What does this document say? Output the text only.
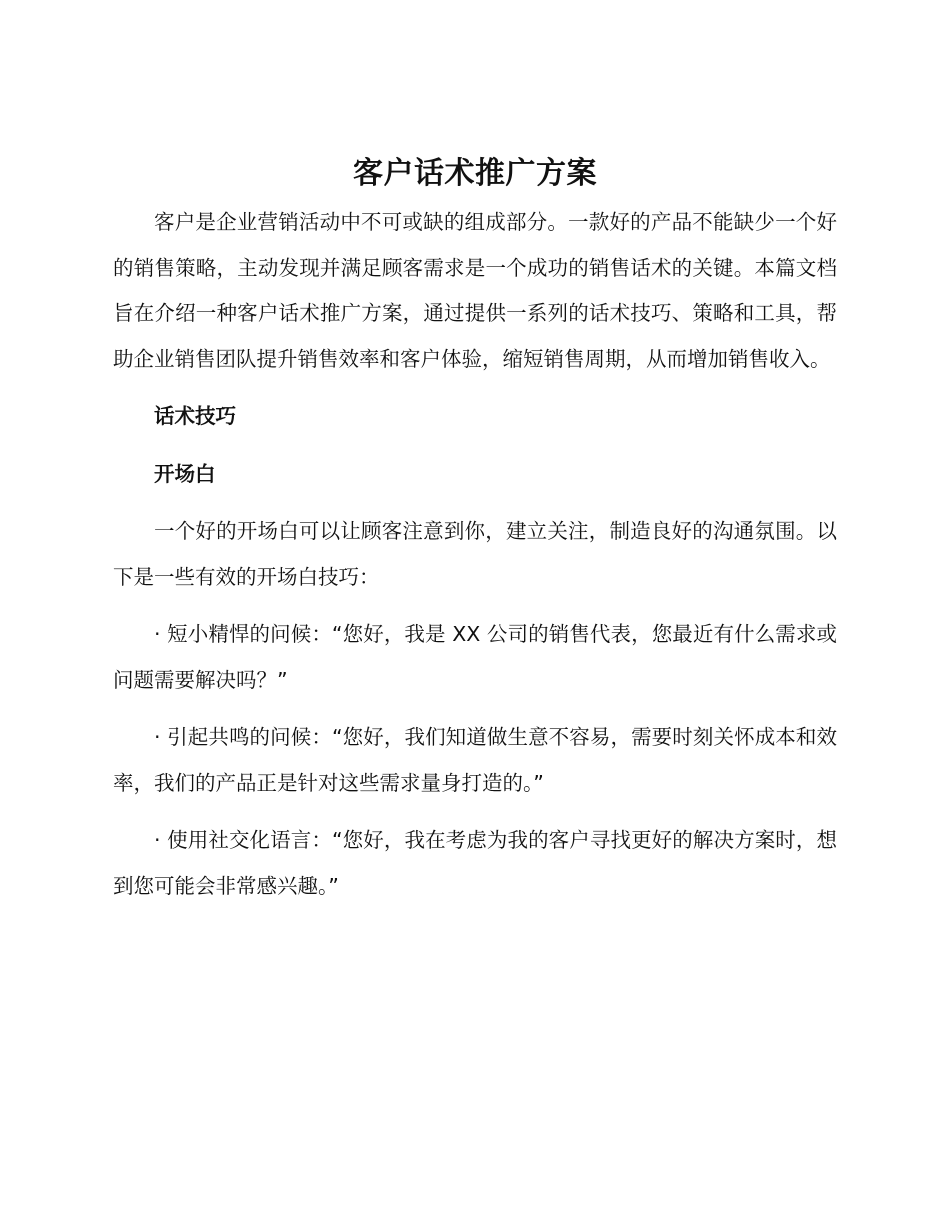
客户话术推广方案

客户是企业营销活动中不可或缺的组成部分。一款好的产品不能缺少一个好的销售策略，主动发现并满足顾客需求是一个成功的销售话术的关键。本篇文档旨在介绍一种客户话术推广方案，通过提供一系列的话术技巧、策略和工具，帮助企业销售团队提升销售效率和客户体验，缩短销售周期，从而增加销售收入。

话术技巧

开场白

一个好的开场白可以让顾客注意到你，建立关注，制造良好的沟通氛围。以下是一些有效的开场白技巧：

· 短小精悍的问候：“您好，我是 XX 公司的销售代表，您最近有什么需求或问题需要解决吗？”

· 引起共鸣的问候：“您好，我们知道做生意不容易，需要时刻关怀成本和效率，我们的产品正是针对这些需求量身打造的。”

· 使用社交化语言：“您好，我在考虑为我的客户寻找更好的解决方案时，想到您可能会非常感兴趣。”
